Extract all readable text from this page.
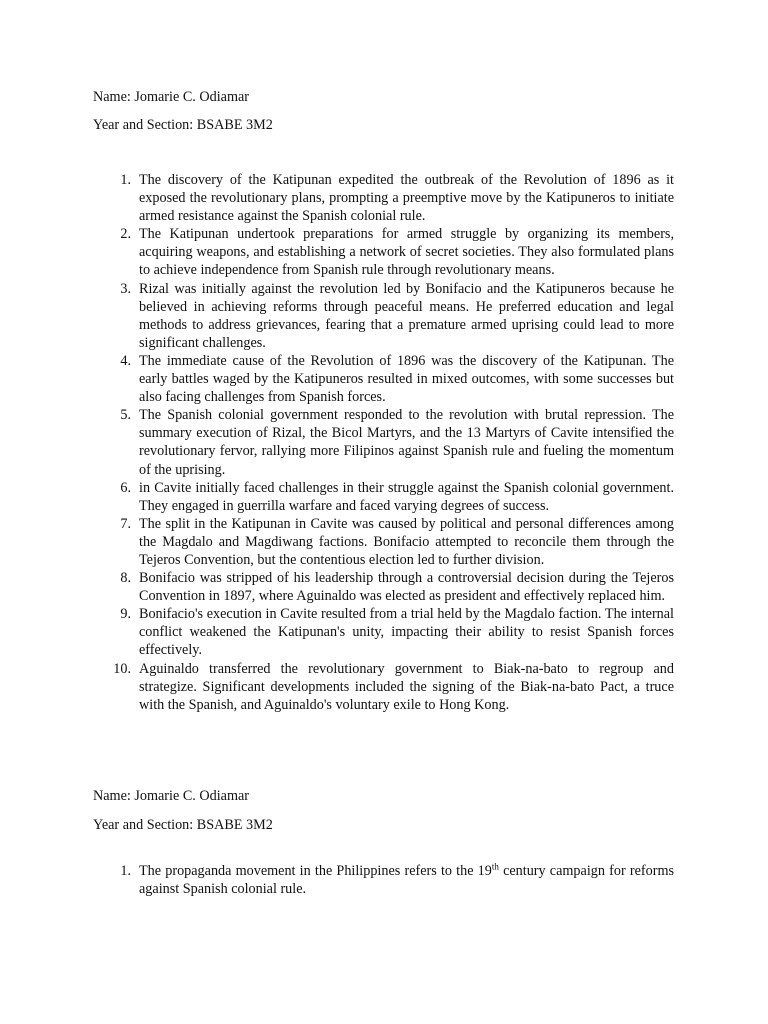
Name: Jomarie C. Odiamar
Year and Section: BSABE 3M2
1. The discovery of the Katipunan expedited the outbreak of the Revolution of 1896 as it exposed the revolutionary plans, prompting a preemptive move by the Katipuneros to initiate armed resistance against the Spanish colonial rule.
2. The Katipunan undertook preparations for armed struggle by organizing its members, acquiring weapons, and establishing a network of secret societies. They also formulated plans to achieve independence from Spanish rule through revolutionary means.
3. Rizal was initially against the revolution led by Bonifacio and the Katipuneros because he believed in achieving reforms through peaceful means. He preferred education and legal methods to address grievances, fearing that a premature armed uprising could lead to more significant challenges.
4. The immediate cause of the Revolution of 1896 was the discovery of the Katipunan. The early battles waged by the Katipuneros resulted in mixed outcomes, with some successes but also facing challenges from Spanish forces.
5. The Spanish colonial government responded to the revolution with brutal repression. The summary execution of Rizal, the Bicol Martyrs, and the 13 Martyrs of Cavite intensified the revolutionary fervor, rallying more Filipinos against Spanish rule and fueling the momentum of the uprising.
6. in Cavite initially faced challenges in their struggle against the Spanish colonial government. They engaged in guerrilla warfare and faced varying degrees of success.
7. The split in the Katipunan in Cavite was caused by political and personal differences among the Magdalo and Magdiwang factions. Bonifacio attempted to reconcile them through the Tejeros Convention, but the contentious election led to further division.
8. Bonifacio was stripped of his leadership through a controversial decision during the Tejeros Convention in 1897, where Aguinaldo was elected as president and effectively replaced him.
9. Bonifacio's execution in Cavite resulted from a trial held by the Magdalo faction. The internal conflict weakened the Katipunan's unity, impacting their ability to resist Spanish forces effectively.
10. Aguinaldo transferred the revolutionary government to Biak-na-bato to regroup and strategize. Significant developments included the signing of the Biak-na-bato Pact, a truce with the Spanish, and Aguinaldo's voluntary exile to Hong Kong.
Name: Jomarie C. Odiamar
Year and Section: BSABE 3M2
1. The propaganda movement in the Philippines refers to the 19th century campaign for reforms against Spanish colonial rule.
